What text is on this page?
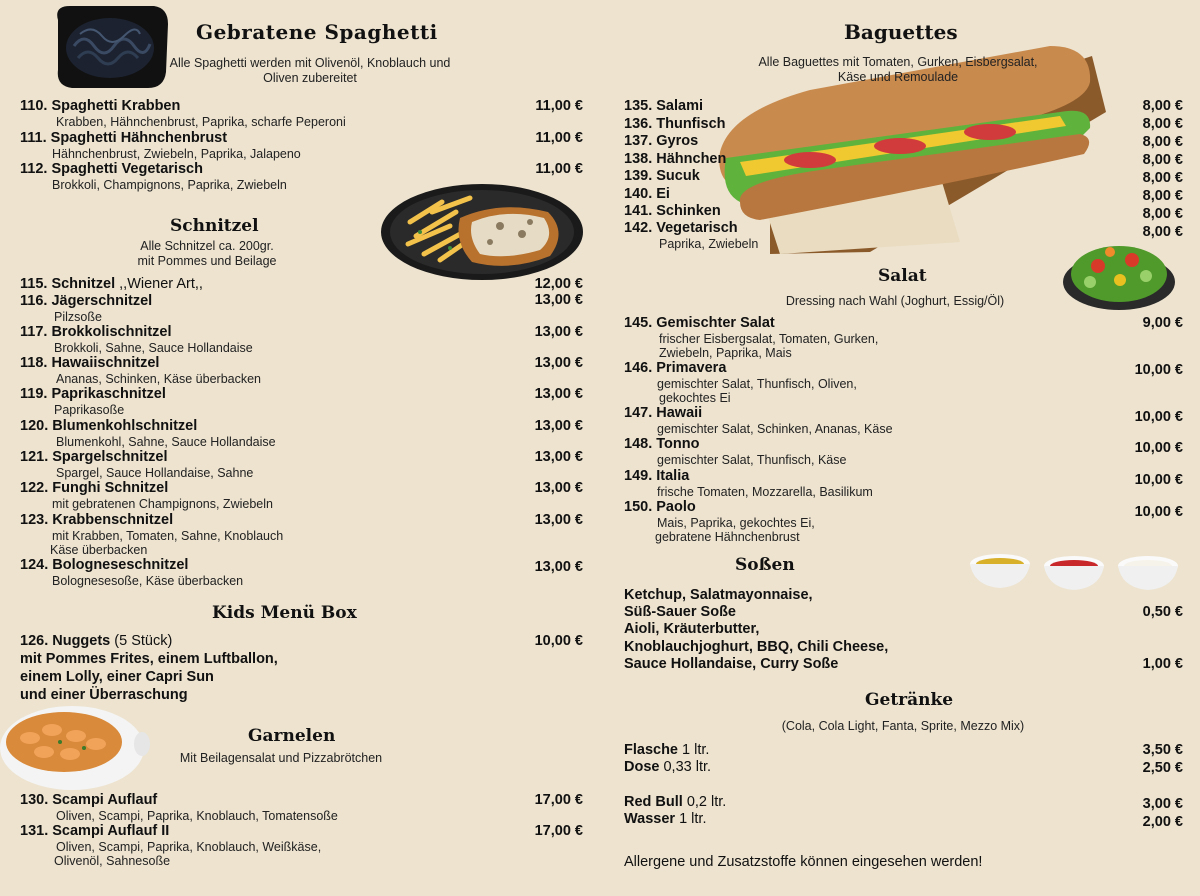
Gebratene Spaghetti
Alle Spaghetti werden mit Olivenöl, Knoblauch und
Oliven zubereitet
110. Spaghetti Krabben
Krabben, Hähnchenbrust, Paprika, scharfe Peperoni
11,00 €
111. Spaghetti Hähnchenbrust
Hähnchenbrust, Zwiebeln, Paprika, Jalapeno
11,00 €
112. Spaghetti Vegetarisch
Brokkoli, Champignons, Paprika, Zwiebeln
11,00 €
Schnitzel
Alle Schnitzel ca. 200gr.
mit Pommes und Beilage
115. Schnitzel ,,Wiener Art,,	12,00 €
116. Jägerschnitzel
Pilzsoße
13,00 €
117. Brokkolischnitzel
Brokkoli, Sahne, Sauce Hollandaise
13,00 €
118. Hawaiischnitzel
Ananas, Schinken, Käse überbacken
13,00 €
119. Paprikaschnitzel
Paprikasoße
13,00 €
120. Blumenkohlschnitzel
Blumenkohl, Sahne, Sauce Hollandaise
13,00 €
121. Spargelschnitzel
Spargel, Sauce Hollandaise, Sahne
13,00 €
122. Funghi Schnitzel
mit gebratenen Champignons, Zwiebeln
13,00 €
123. Krabbenschnitzel
mit Krabben, Tomaten, Sahne, Knoblauch
Käse überbacken
13,00 €
124. Bologneseschnitzel
Bolognesesoße, Käse überbacken
13,00 €
Kids Menü Box
126. Nuggets (5 Stück)
mit Pommes Frites, einem Luftballon,
einem Lolly, einer Capri Sun
und einer Überraschung
10,00 €
Garnelen
Mit Beilagensalat und Pizzabrötchen
130. Scampi Auflauf
Oliven, Scampi, Paprika, Knoblauch, Tomatensoße
17,00 €
131. Scampi Auflauf II
Oliven, Scampi, Paprika, Knoblauch, Weißkäse,
Olivenöl, Sahnesoße
17,00 €
Baguettes
Alle Baguettes mit Tomaten, Gurken, Eisbergsalat,
Käse und Remoulade
135. Salami	8,00 €
136. Thunfisch	8,00 €
137. Gyros	8,00 €
138. Hähnchen	8,00 €
139. Sucuk	8,00 €
140. Ei	8,00 €
141. Schinken	8,00 €
142. Vegetarisch
Paprika, Zwiebeln
8,00 €
Salat
Dressing nach Wahl (Joghurt, Essig/Öl)
145. Gemischter Salat
frischer Eisbergsalat, Tomaten, Gurken,
Zwiebeln, Paprika, Mais
9,00 €
146. Primavera
gemischter Salat, Thunfisch, Oliven,
gekochtes Ei
10,00 €
147. Hawaii
gemischter Salat, Schinken, Ananas, Käse
10,00 €
148. Tonno
gemischter Salat, Thunfisch, Käse
10,00 €
149. Italia
frische Tomaten, Mozzarella, Basilikum
10,00 €
150. Paolo
Mais, Paprika, gekochtes Ei,
gebratene Hähnchenbrust
10,00 €
Soßen
Ketchup, Salatmayonnaise,
Süß-Sauer Soße	0,50 €
Aioli, Kräuterbutter,
Knoblauchjoghurt, BBQ, Chili Cheese,
Sauce Hollandaise, Curry Soße	1,00 €
Getränke
(Cola, Cola Light, Fanta, Sprite, Mezzo Mix)
Flasche 1 ltr.	3,50 €
Dose 0,33 ltr.	2,50 €
Red Bull 0,2 ltr.	3,00 €
Wasser 1 ltr.	2,00 €
Allergene und Zusatzstoffe können eingesehen werden!
